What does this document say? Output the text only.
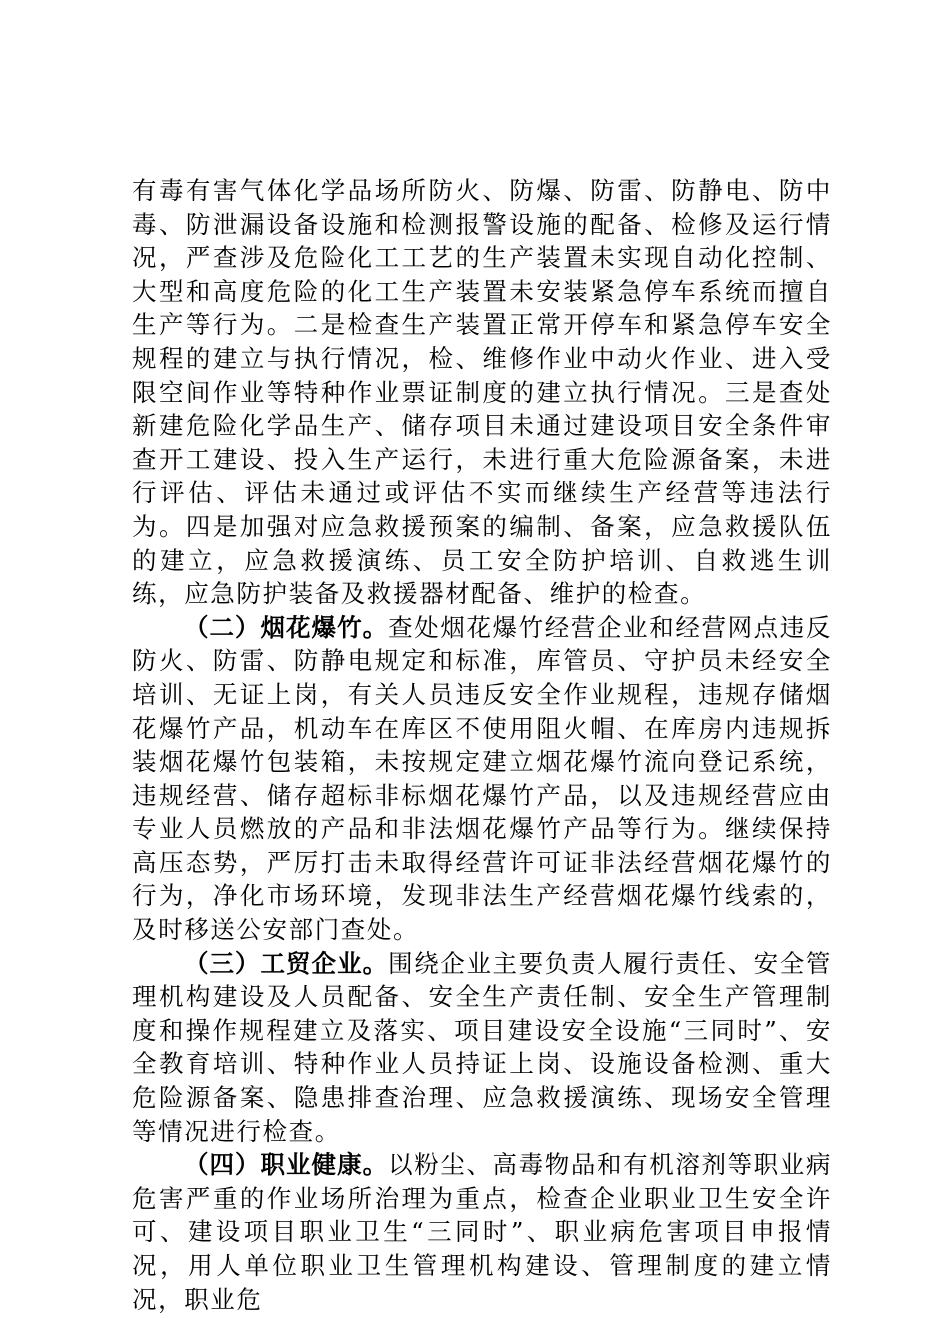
有毒有害气体化学品场所防火、防爆、防雷、防静电、防中毒、防泄漏设备设施和检测报警设施的配备、检修及运行情况，严查涉及危险化工工艺的生产装置未实现自动化控制、大型和高度危险的化工生产装置未安装紧急停车系统而擅自生产等行为。二是检查生产装置正常开停车和紧急停车安全规程的建立与执行情况，检、维修作业中动火作业、进入受限空间作业等特种作业票证制度的建立执行情况。三是查处新建危险化学品生产、储存项目未通过建设项目安全条件审查开工建设、投入生产运行，未进行重大危险源备案，未进行评估、评估未通过或评估不实而继续生产经营等违法行为。四是加强对应急救援预案的编制、备案，应急救援队伍的建立，应急救援演练、员工安全防护培训、自救逃生训练，应急防护装备及救援器材配备、维护的检查。

（二）烟花爆竹。查处烟花爆竹经营企业和经营网点违反防火、防雷、防静电规定和标准，库管员、守护员未经安全培训、无证上岗，有关人员违反安全作业规程，违规存储烟花爆竹产品，机动车在库区不使用阻火帽、在库房内违规拆装烟花爆竹包装箱，未按规定建立烟花爆竹流向登记系统，违规经营、储存超标非标烟花爆竹产品，以及违规经营应由专业人员燃放的产品和非法烟花爆竹产品等行为。继续保持高压态势，严厉打击未取得经营许可证非法经营烟花爆竹的行为，净化市场环境，发现非法生产经营烟花爆竹线索的，及时移送公安部门查处。

（三）工贸企业。围绕企业主要负责人履行责任、安全管理机构建设及人员配备、安全生产责任制、安全生产管理制度和操作规程建立及落实、项目建设安全设施“三同时”、安全教育培训、特种作业人员持证上岗、设施设备检测、重大危险源备案、隐患排查治理、应急救援演练、现场安全管理等情况进行检查。

（四）职业健康。以粉尘、高毒物品和有机溶剂等职业病危害严重的作业场所治理为重点，检查企业职业卫生安全许可、建设项目职业卫生“三同时”、职业病危害项目申报情况，用人单位职业卫生管理机构建设、管理制度的建立情况，职业危
